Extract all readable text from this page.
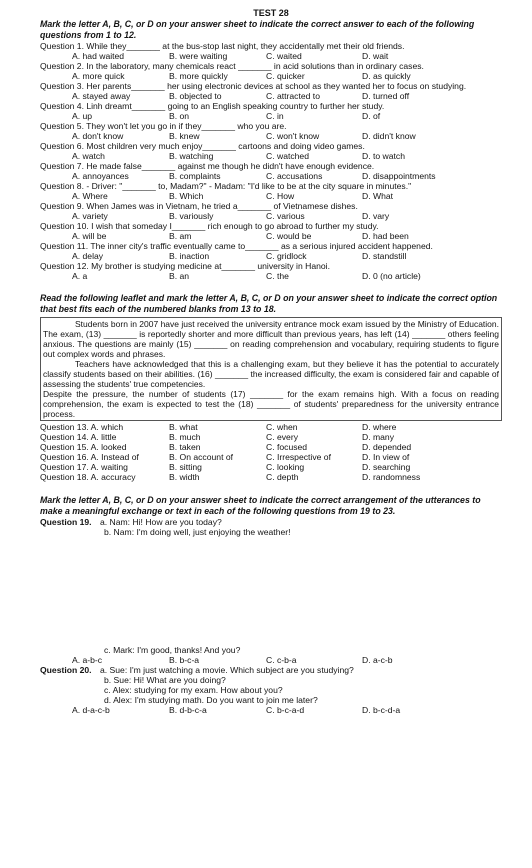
TEST 28
Mark the letter A, B, C, or D on your answer sheet to indicate the correct answer to each of the following questions from 1 to 12.
Question 1. While they_______ at the bus-stop last night, they accidentally met their old friends.
A. had waited	B. were waiting	C. waited	D. wait
Question 2. In the laboratory, many chemicals react _______ in acid solutions than in ordinary cases.
A. more quick	B. more quickly	C. quicker	D. as quickly
Question 3. Her parents_______ her using electronic devices at school as they wanted her to focus on studying.
A. stayed away	B. objected to	C. attracted to	D. turned off
Question 4. Linh dreamt_______ going to an English speaking country to further her study.
A. up	B. on	C. in	D. of
Question 5. They won't let you go in if they_______ who you are.
A. don't know	B. knew	C. won't know	D. didn't know
Question 6. Most children very much enjoy_______ cartoons and doing video games.
A. watch	B. watching	C. watched	D. to watch
Question 7. He made false_______ against me though he didn't have enough evidence.
A. annoyances	B. complaints	C. accusations	D. disappointments
Question 8. - Driver: "_______ to, Madam?" - Madam: "I'd like to be at the city square in minutes."
A. Where	B. Which	C. How	D. What
Question 9. When James was in Vietnam, he tried a_______ of Vietnamese dishes.
A. variety	B. variously	C. various	D. vary
Question 10. I wish that someday I_______ rich enough to go abroad to further my study.
A. will be	B. am	C. would be	D. had been
Question 11. The inner city's traffic eventually came to_______ as a serious injured accident happened.
A. delay	B. inaction	C. gridlock	D. standstill
Question 12. My brother is studying medicine at_______ university in Hanoi.
A. a	B. an	C. the	D. 0 (no article)
Read the following leaflet and mark the letter A, B, C, or D on your answer sheet to indicate the correct option that best fits each of the numbered blanks from 13 to 18.

Students born in 2007 have just received the university entrance mock exam issued by the Ministry of Education. The exam, (13) _______ is reportedly shorter and more difficult than previous years, has left (14) _______ others feeling anxious. The questions are mainly (15) _______ on reading comprehension and vocabulary, requiring students to figure out complex words and phrases.

Teachers have acknowledged that this is a challenging exam, but they believe it has the potential to accurately classify students based on their abilities. (16) _______ the increased difficulty, the exam is considered fair and capable of assessing the students' true competencies.

Despite the pressure, the number of students (17) _______ for the exam remains high. With a focus on reading comprehension, the exam is expected to test the (18) _______ of students' preparedness for the university entrance process.

Question 13. A. which	B. what	C. when	D. where
Question 14. A. little	B. much	C. every	D. many
Question 15. A. looked	B. taken	C. focused	D. depended
Question 16. A. Instead of	B. On account of	C. Irrespective of	D. In view of
Question 17. A. waiting	B. sitting	C. looking	D. searching
Question 18. A. accuracy	B. width	C. depth	D. randomness
Mark the letter A, B, C, or D on your answer sheet to indicate the correct arrangement of the utterances to make a meaningful exchange or text in each of the following questions from 19 to 23.
Question 19. a. Nam: Hi! How are you today?
b. Nam: I'm doing well, just enjoying the weather!
c. Mark: I'm good, thanks! And you?
A. a-b-c	B. b-c-a	C. c-b-a	D. a-c-b
Question 20. a. Sue: I'm just watching a movie. Which subject are you studying?
b. Sue: Hi! What are you doing?
c. Alex: studying for my exam. How about you?
d. Alex: I'm studying math. Do you want to join me later?
A. d-a-c-b	B. d-b-c-a	C. b-c-a-d	D. b-c-d-a
